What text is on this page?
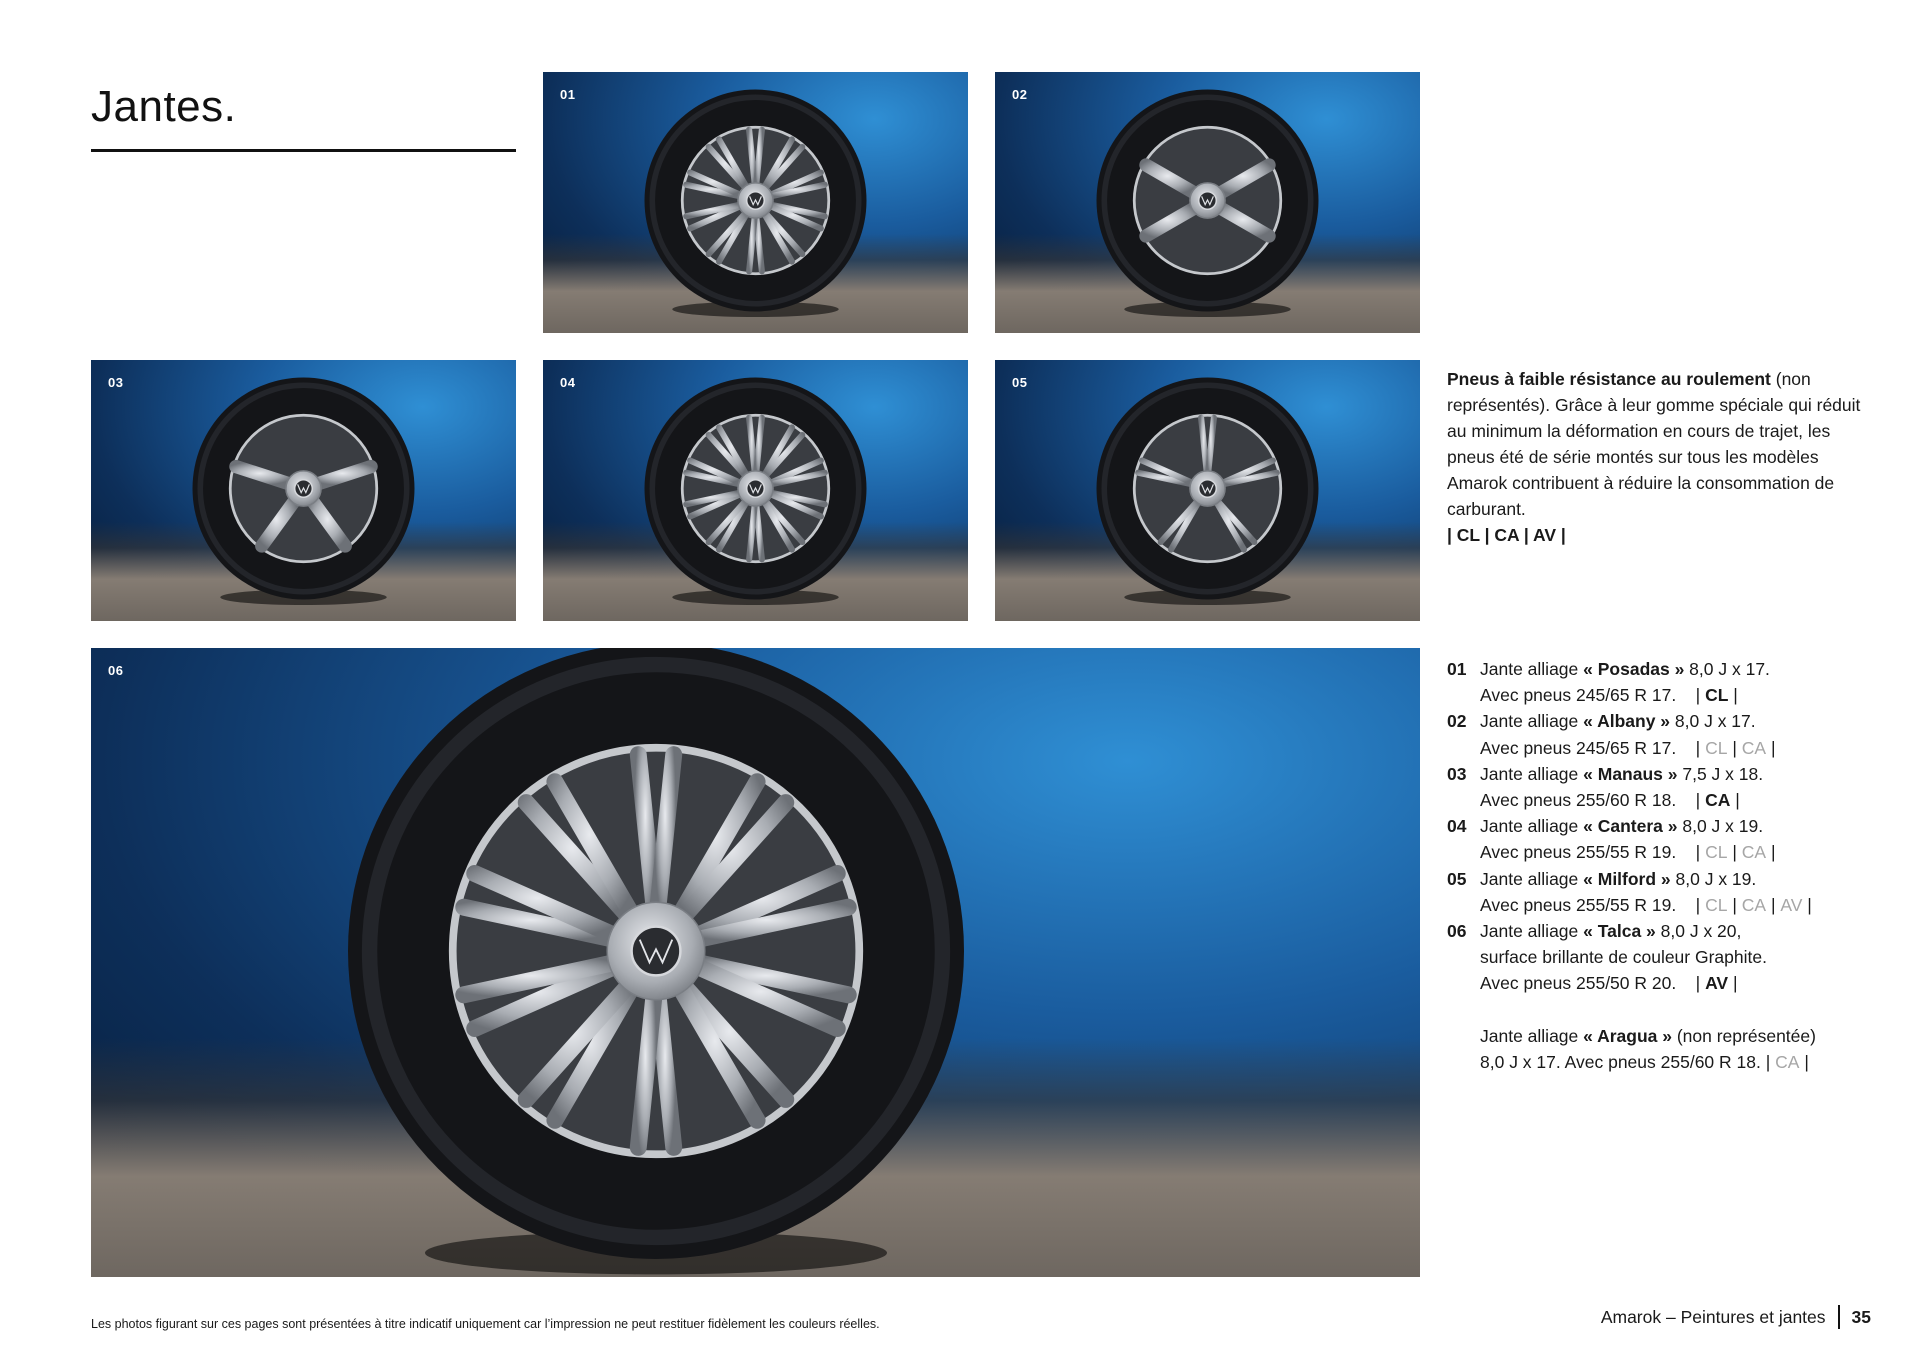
Jantes.	01	02
03	04	05
06
Pneus à faible résistance au roulement (non représentés). Grâce à leur gomme spéciale qui réduit au minimum la déformation en cours de trajet, les pneus été de série montés sur tous les modèles Amarok contribuent à réduire la consommation de carburant.
| CL | CA | AV |
01 Jante alliage « Posadas » 8,0 J x 17.
Avec pneus 245/65 R 17. | CL |
02 Jante alliage « Albany » 8,0 J x 17.
Avec pneus 245/65 R 17. | CL | CA |
03 Jante alliage « Manaus » 7,5 J x 18.
Avec pneus 255/60 R 18. | CA |
04 Jante alliage « Cantera » 8,0 J x 19.
Avec pneus 255/55 R 19. | CL | CA |
05 Jante alliage « Milford » 8,0 J x 19.
Avec pneus 255/55 R 19. | CL | CA | AV |
06 Jante alliage « Talca » 8,0 J x 20,
surface brillante de couleur Graphite.
Avec pneus 255/50 R 20. | AV |
Jante alliage « Aragua » (non représentée)
8,0 J x 17. Avec pneus 255/60 R 18. | CA |
Les photos figurant sur ces pages sont présentées à titre indicatif uniquement car l’impression ne peut restituer fidèlement les couleurs réelles.	Amarok – Peintures et jantes 35
